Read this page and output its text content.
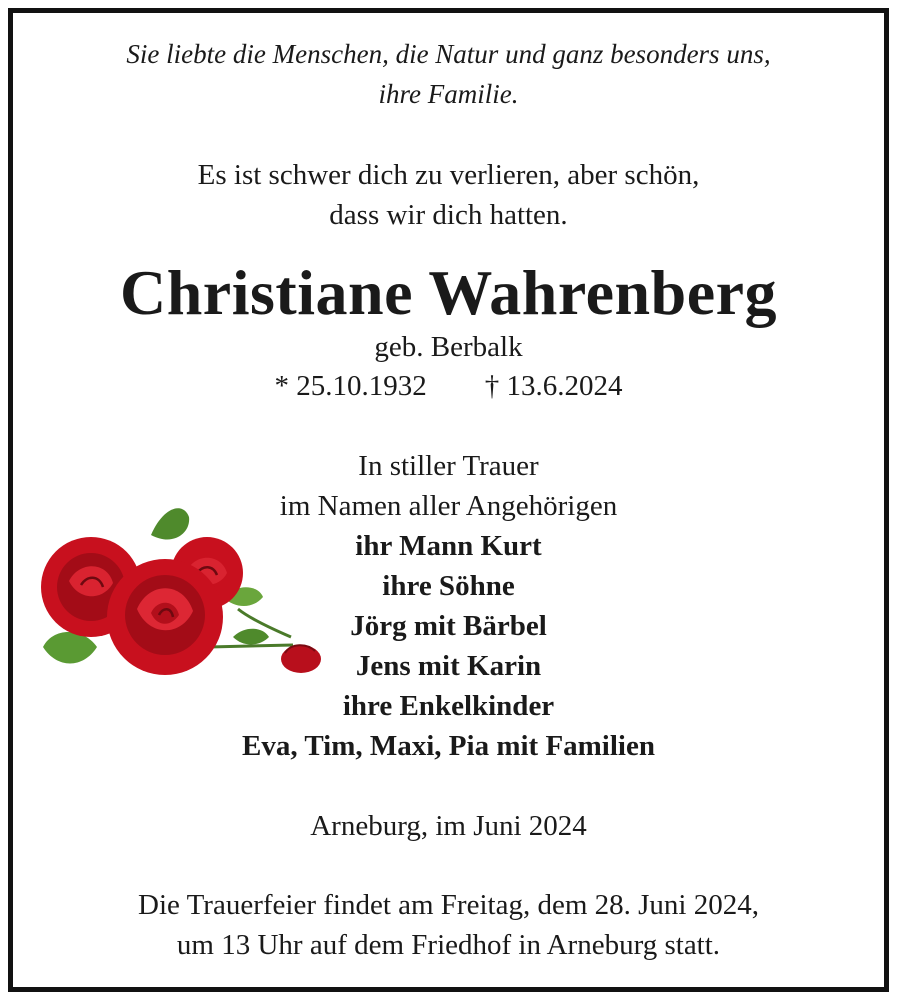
Sie liebte die Menschen, die Natur und ganz besonders uns,
ihre Familie.
Es ist schwer dich zu verlieren, aber schön,
dass wir dich hatten.
Christiane Wahrenberg
geb. Berbalk
* 25.10.1932 † 13.6.2024
In stiller Trauer
im Namen aller Angehörigen
ihr Mann Kurt
ihre Söhne
Jörg mit Bärbel
Jens mit Karin
ihre Enkelkinder
Eva, Tim, Maxi, Pia mit Familien
Arneburg, im Juni 2024
Die Trauerfeier findet am Freitag, dem 28. Juni 2024,
um 13 Uhr auf dem Friedhof in Arneburg statt.
